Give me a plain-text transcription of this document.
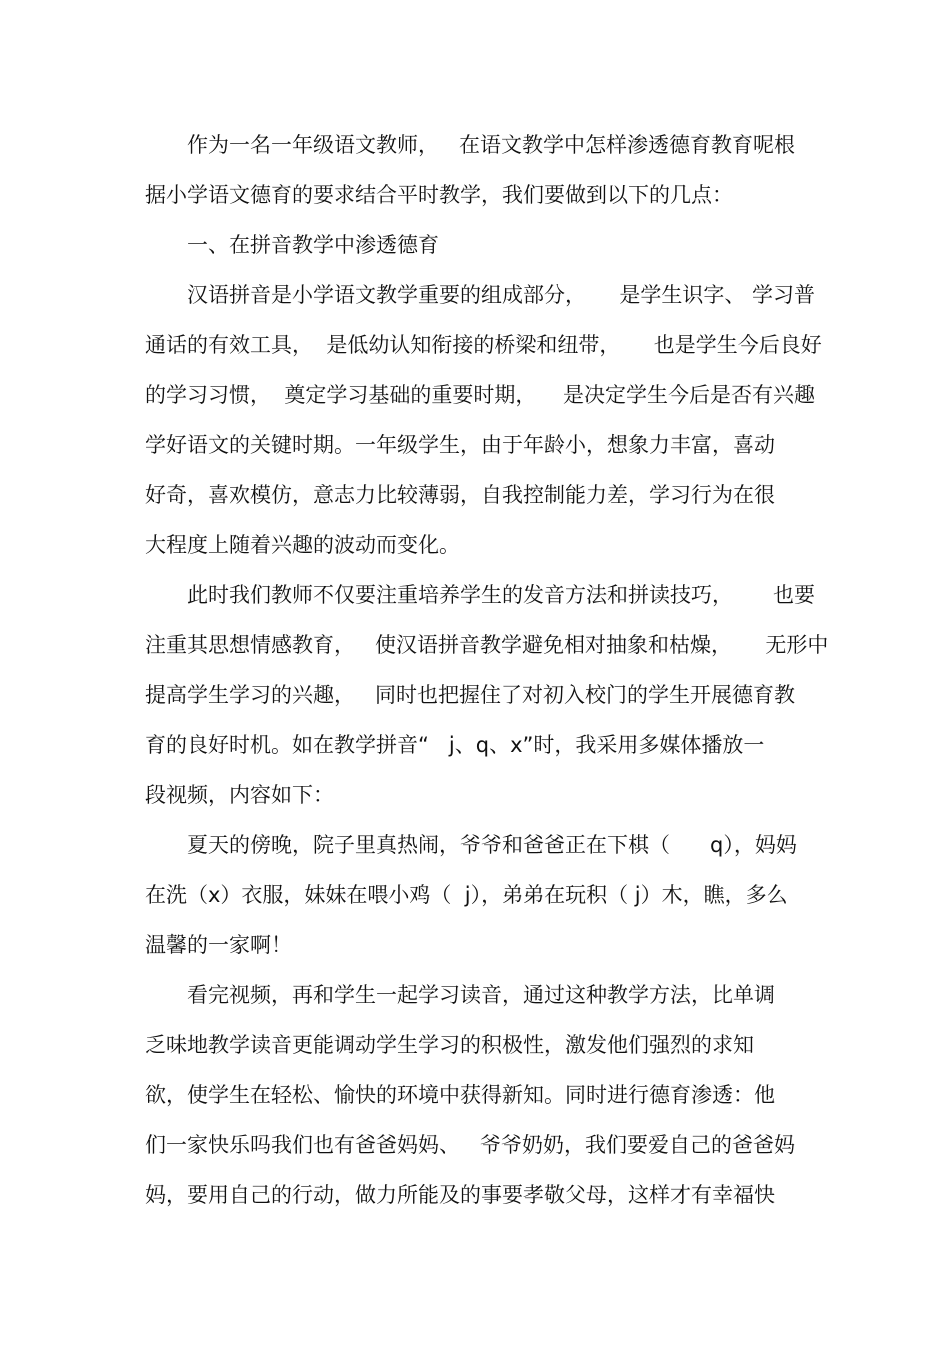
作为一名一年级语文教师，   在语文教学中怎样渗透德育教育呢根

据小学语文德育的要求结合平时教学，我们要做到以下的几点：

一、在拼音教学中渗透德育

汉语拼音是小学语文教学重要的组成部分，     是学生识字、 学习普

通话的有效工具，  是低幼认知衔接的桥梁和纽带，     也是学生今后良好

的学习习惯，  奠定学习基础的重要时期，    是决定学生今后是否有兴趣

学好语文的关键时期。一年级学生，由于年龄小，想象力丰富，喜动

好奇，喜欢模仿，意志力比较薄弱，自我控制能力差，学习行为在很

大程度上随着兴趣的波动而变化。

此时我们教师不仅要注重培养学生的发音方法和拼读技巧，      也要

注重其思想情感教育，   使汉语拼音教学避免相对抽象和枯燥，     无形中

提高学生学习的兴趣，   同时也把握住了对初入校门的学生开展德育教

育的良好时机。如在教学拼音“   j、q、x”时，我采用多媒体播放一

段视频，内容如下：

夏天的傍晚，院子里真热闹，爷爷和爸爸正在下棋（      q），妈妈

在洗（x）衣服，妹妹在喂小鸡（  j），弟弟在玩积（ j）木，瞧，多么

温馨的一家啊！

看完视频，再和学生一起学习读音，通过这种教学方法，比单调

乏味地教学读音更能调动学生学习的积极性，激发他们强烈的求知

欲，使学生在轻松、愉快的环境中获得新知。同时进行德育渗透：他

们一家快乐吗我们也有爸爸妈妈、   爷爷奶奶，我们要爱自己的爸爸妈

妈，要用自己的行动，做力所能及的事要孝敬父母，这样才有幸福快
